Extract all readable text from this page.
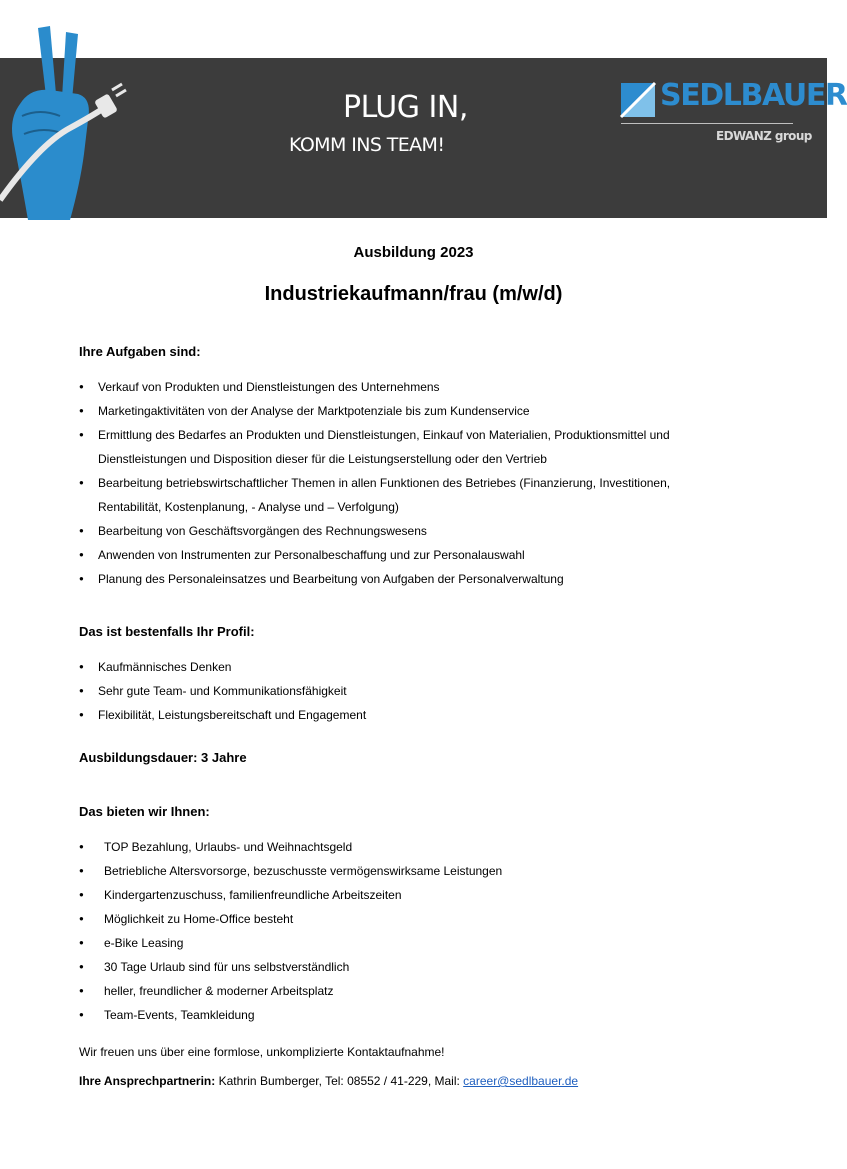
PLUG IN,
KOMM INS TEAM!
SEDLBAUER
EDWANZ group
Ausbildung 2023
Industriekaufmann/frau (m/w/d)
Ihre Aufgaben sind:
● Verkauf von Produkten und Dienstleistungen des Unternehmens
● Marketingaktivitäten von der Analyse der Marktpotenziale bis zum Kundenservice
● Ermittlung des Bedarfes an Produkten und Dienstleistungen, Einkauf von Materialien, Produktionsmittel und Dienstleistungen und Disposition dieser für die Leistungserstellung oder den Vertrieb
● Bearbeitung betriebswirtschaftlicher Themen in allen Funktionen des Betriebes (Finanzierung, Investitionen, Rentabilität, Kostenplanung, - Analyse und – Verfolgung)
● Bearbeitung von Geschäftsvorgängen des Rechnungswesens
● Anwenden von Instrumenten zur Personalbeschaffung und zur Personalauswahl
● Planung des Personaleinsatzes und Bearbeitung von Aufgaben der Personalverwaltung
Das ist bestenfalls Ihr Profil:
● Kaufmännisches Denken
● Sehr gute Team- und Kommunikationsfähigkeit
● Flexibilität, Leistungsbereitschaft und Engagement
Ausbildungsdauer: 3 Jahre
Das bieten wir Ihnen:
● TOP Bezahlung, Urlaubs- und Weihnachtsgeld
● Betriebliche Altersvorsorge, bezuschusste vermögenswirksame Leistungen
● Kindergartenzuschuss, familienfreundliche Arbeitszeiten
● Möglichkeit zu Home-Office besteht
● e-Bike Leasing
● 30 Tage Urlaub sind für uns selbstverständlich
● heller, freundlicher & moderner Arbeitsplatz
● Team-Events, Teamkleidung
Wir freuen uns über eine formlose, unkomplizierte Kontaktaufnahme!
Ihre Ansprechpartnerin: Kathrin Bumberger, Tel: 08552 / 41-229, Mail: career@sedlbauer.de
